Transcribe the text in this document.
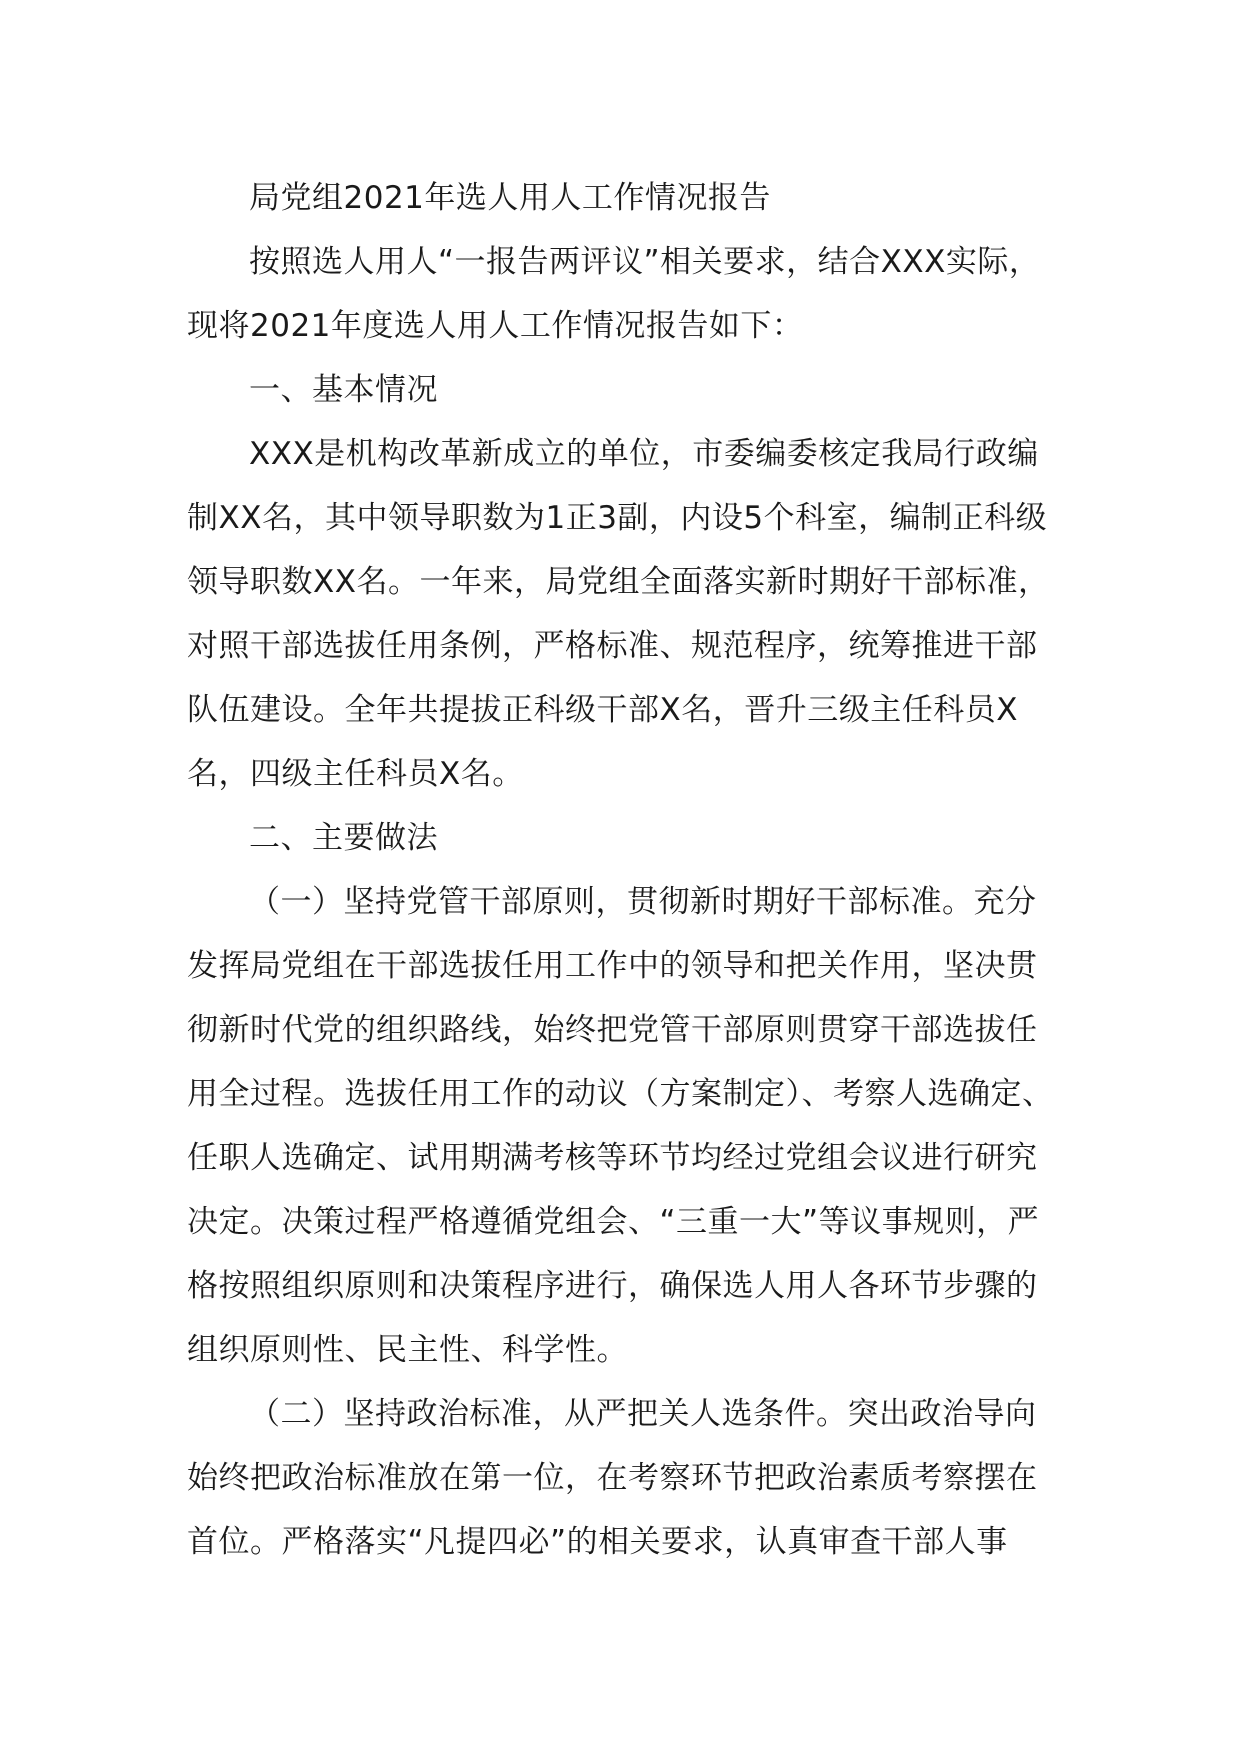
局党组2021年选人用人工作情况报告

按照选人用人“一报告两评议”相关要求，结合XXX实际，现将2021年度选人用人工作情况报告如下：

一、基本情况

XXX是机构改革新成立的单位，市委编委核定我局行政编制XX名，其中领导职数为1正3副，内设5个科室，编制正科级领导职数XX名。一年来，局党组全面落实新时期好干部标准，对照干部选拔任用条例，严格标准、规范程序，统筹推进干部队伍建设。全年共提拔正科级干部X名，晋升三级主任科员X名，四级主任科员X名。

二、主要做法

（一）坚持党管干部原则，贯彻新时期好干部标准。充分发挥局党组在干部选拔任用工作中的领导和把关作用，坚决贯彻新时代党的组织路线，始终把党管干部原则贯穿干部选拔任用全过程。选拔任用工作的动议（方案制定）、考察人选确定、任职人选确定、试用期满考核等环节均经过党组会议进行研究决定。决策过程严格遵循党组会、“三重一大”等议事规则，严格按照组织原则和决策程序进行，确保选人用人各环节步骤的组织原则性、民主性、科学性。

（二）坚持政治标准，从严把关人选条件。突出政治导向始终把政治标准放在第一位，在考察环节把政治素质考察摆在首位。严格落实“凡提四必”的相关要求，认真审查干部人事
